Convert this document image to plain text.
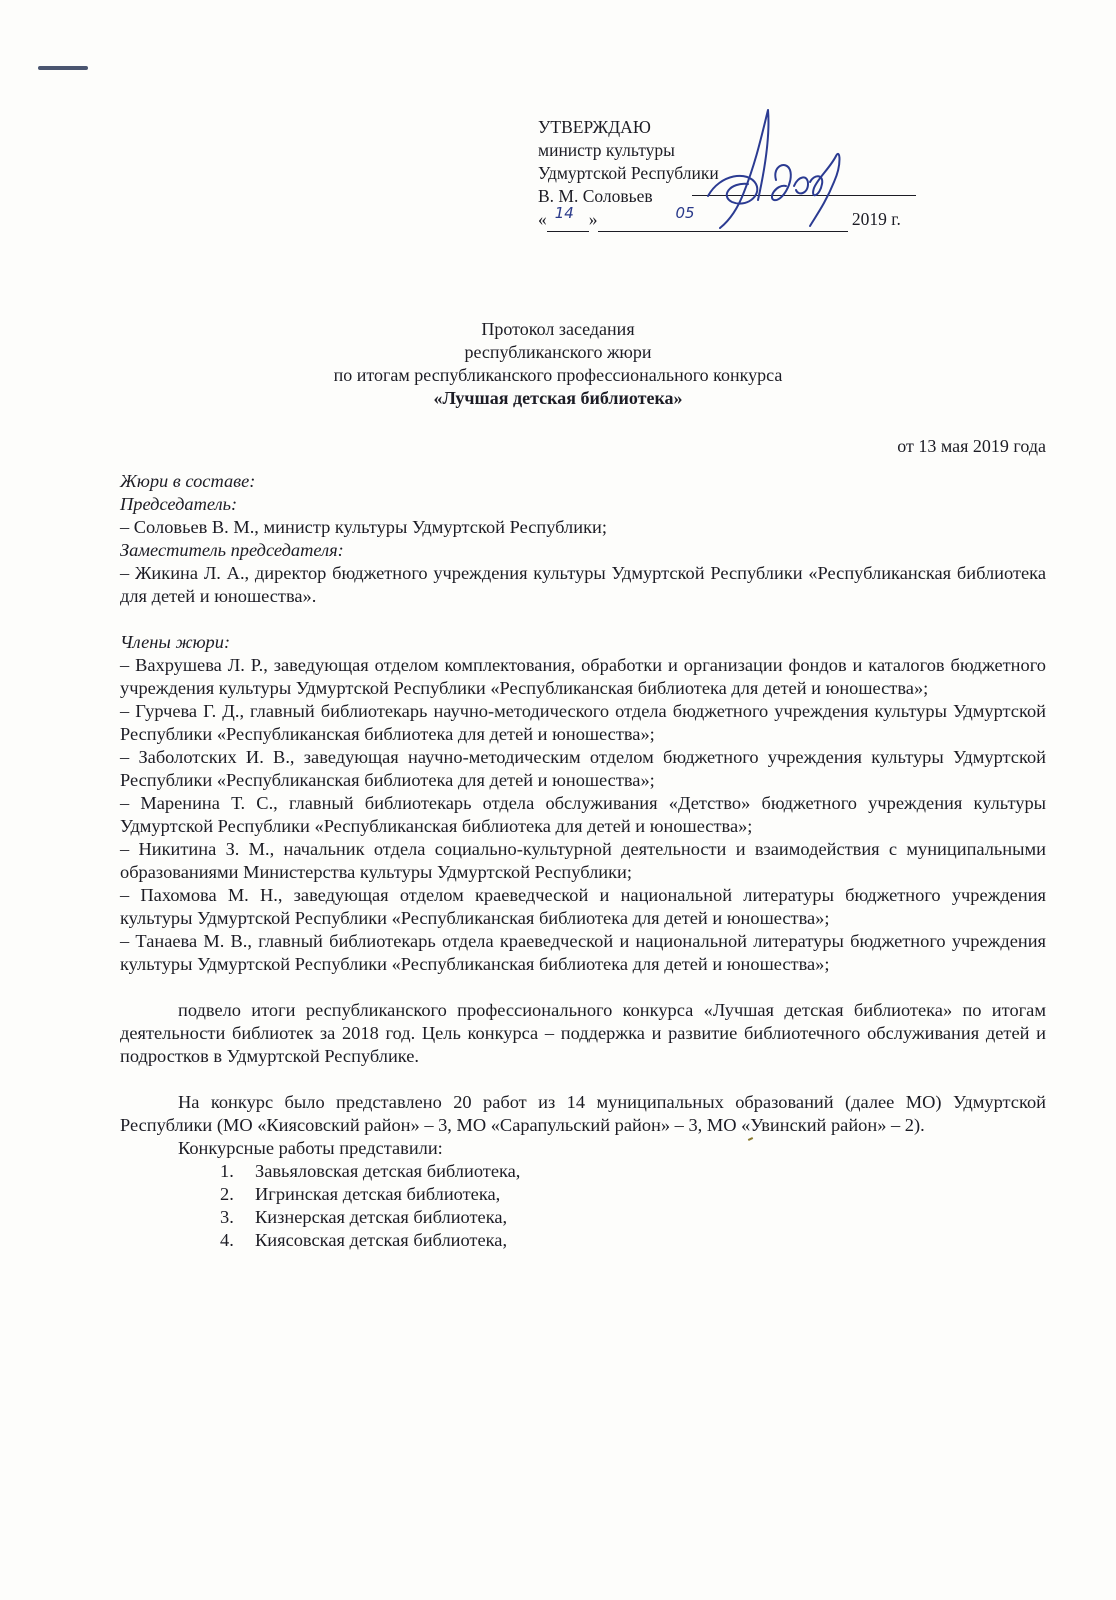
УТВЕРЖДАЮ
министр культуры
Удмуртской Республики
В. М. Соловьев
« 14 »	05	2019 г.
Протокол заседания
республиканского жюри
по итогам республиканского профессионального конкурса
«Лучшая детская библиотека»
от 13 мая 2019 года
Жюри в составе:
Председатель:
– Соловьев В. М., министр культуры Удмуртской Республики;
Заместитель председателя:
– Жикина Л. А., директор бюджетного учреждения культуры Удмуртской Республики «Республиканская библиотека для детей и юношества».
Члены жюри:
– Вахрушева Л. Р., заведующая отделом комплектования, обработки и организации фондов и каталогов бюджетного учреждения культуры Удмуртской Республики «Республиканская библиотека для детей и юношества»;
– Гурчева Г. Д., главный библиотекарь научно-методического отдела бюджетного учреждения культуры Удмуртской Республики «Республиканская библиотека для детей и юношества»;
– Заболотских И. В., заведующая научно-методическим отделом бюджетного учреждения культуры Удмуртской Республики «Республиканская библиотека для детей и юношества»;
– Маренина Т. С., главный библиотекарь отдела обслуживания «Детство» бюджетного учреждения культуры Удмуртской Республики «Республиканская библиотека для детей и юношества»;
– Никитина З. М., начальник отдела социально-культурной деятельности и взаимодействия с муниципальными образованиями Министерства культуры Удмуртской Республики;
– Пахомова М. Н., заведующая отделом краеведческой и национальной литературы бюджетного учреждения культуры Удмуртской Республики «Республиканская библиотека для детей и юношества»;
– Танаева М. В., главный библиотекарь отдела краеведческой и национальной литературы бюджетного учреждения культуры Удмуртской Республики «Республиканская библиотека для детей и юношества»;
подвело итоги республиканского профессионального конкурса «Лучшая детская библиотека» по итогам деятельности библиотек за 2018 год. Цель конкурса – поддержка и развитие библиотечного обслуживания детей и подростков в Удмуртской Республике.
На конкурс было представлено 20 работ из 14 муниципальных образований (далее МО) Удмуртской Республики (МО «Киясовский район» – 3, МО «Сарапульский район» – 3, МО «Увинский район» – 2).
Конкурсные работы представили:
1.	Завьяловская детская библиотека,
2.	Игринская детская библиотека,
3.	Кизнерская детская библиотека,
4.	Киясовская детская библиотека,
